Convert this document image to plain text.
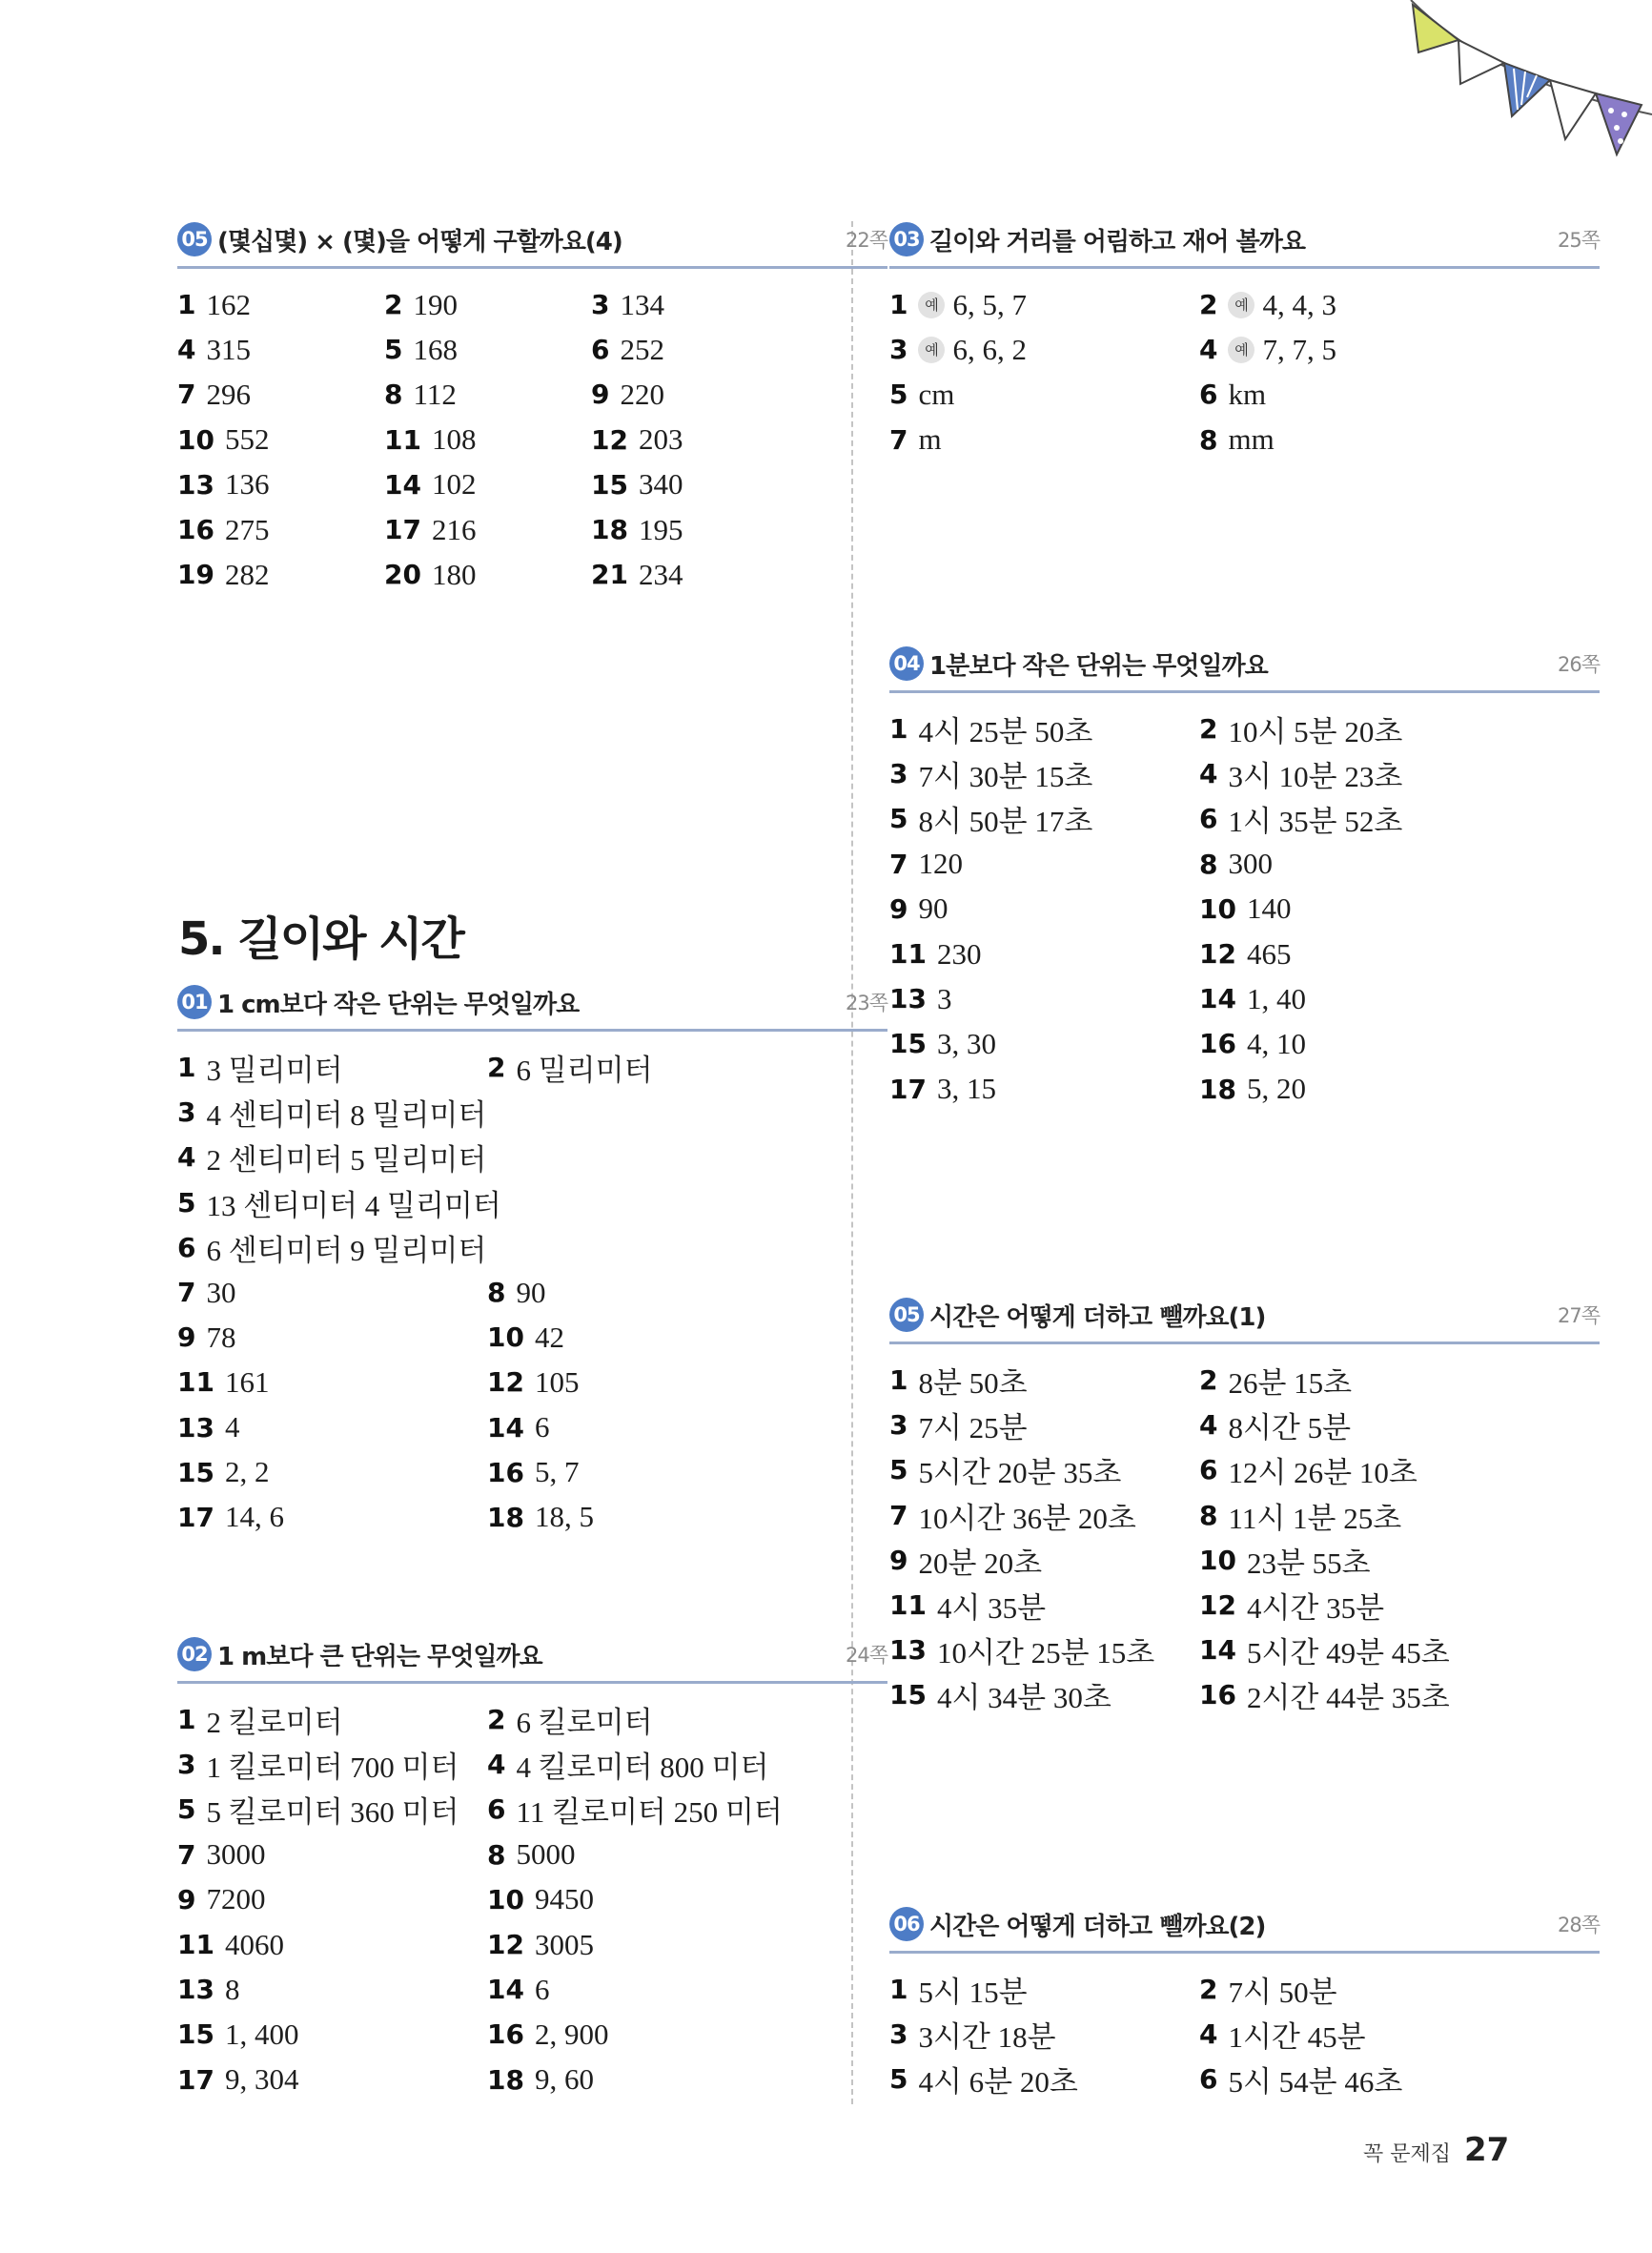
05 (몇십몇) × (몇)을 어떻게 구할까요(4)	22쪽
1 162	2 190	3 134
4 315	5 168	6 252
7 296	8 112	9 220
10 552	11 108	12 203
13 136	14 102	15 340
16 275	17 216	18 195
19 282	20 180	21 234
5. 길이와 시간
01 1 cm보다 작은 단위는 무엇일까요	23쪽
1 3 밀리미터	2 6 밀리미터
3 4 센티미터 8 밀리미터
4 2 센티미터 5 밀리미터
5 13 센티미터 4 밀리미터
6 6 센티미터 9 밀리미터
7 30	8 90
9 78	10 42
11 161	12 105
13 4	14 6
15 2, 2	16 5, 7
17 14, 6	18 18, 5
02 1 m보다 큰 단위는 무엇일까요	24쪽
1 2 킬로미터	2 6 킬로미터
3 1 킬로미터 700 미터 4 4 킬로미터 800 미터
5 5 킬로미터 360 미터 6 11 킬로미터 250 미터
7 3000	8 5000
9 7200	10 9450
11 4060	12 3005
13 8	14 6
15 1, 400	16 2, 900
17 9, 304	18 9, 60
03 길이와 거리를 어림하고 재어 볼까요	25쪽
1	예 6, 5, 7	2	예 4, 4, 3
3	예 6, 6, 2	4	예 7, 7, 5
5 cm	6 km
7 m	8 mm
04 1분보다 작은 단위는 무엇일까요	26쪽
1 4시 25분 50초	2 10시 5분 20초
3 7시 30분 15초	4 3시 10분 23초
5 8시 50분 17초	6 1시 35분 52초
7 120	8 300
9 90	10 140
11 230	12 465
13 3	14 1, 40
15 3, 30	16 4, 10
17 3, 15	18 5, 20
05 시간은 어떻게 더하고 뺄까요(1)	27쪽
1 8분 50초	2 26분 15초
3 7시 25분	4 8시간 5분
5 5시간 20분 35초	6 12시 26분 10초
7 10시간 36분 20초 8 11시 1분 25초
9 20분 20초	10 23분 55초
11 4시 35분	12 4시간 35분
13 10시간 25분 15초 14 5시간 49분 45초
15 4시 34분 30초	16 2시간 44분 35초
06 시간은 어떻게 더하고 뺄까요(2)	28쪽
1 5시 15분	2 7시 50분
3 3시간 18분	4 1시간 45분
5 4시 6분 20초	6 5시 54분 46초
꼭 문제집 27
